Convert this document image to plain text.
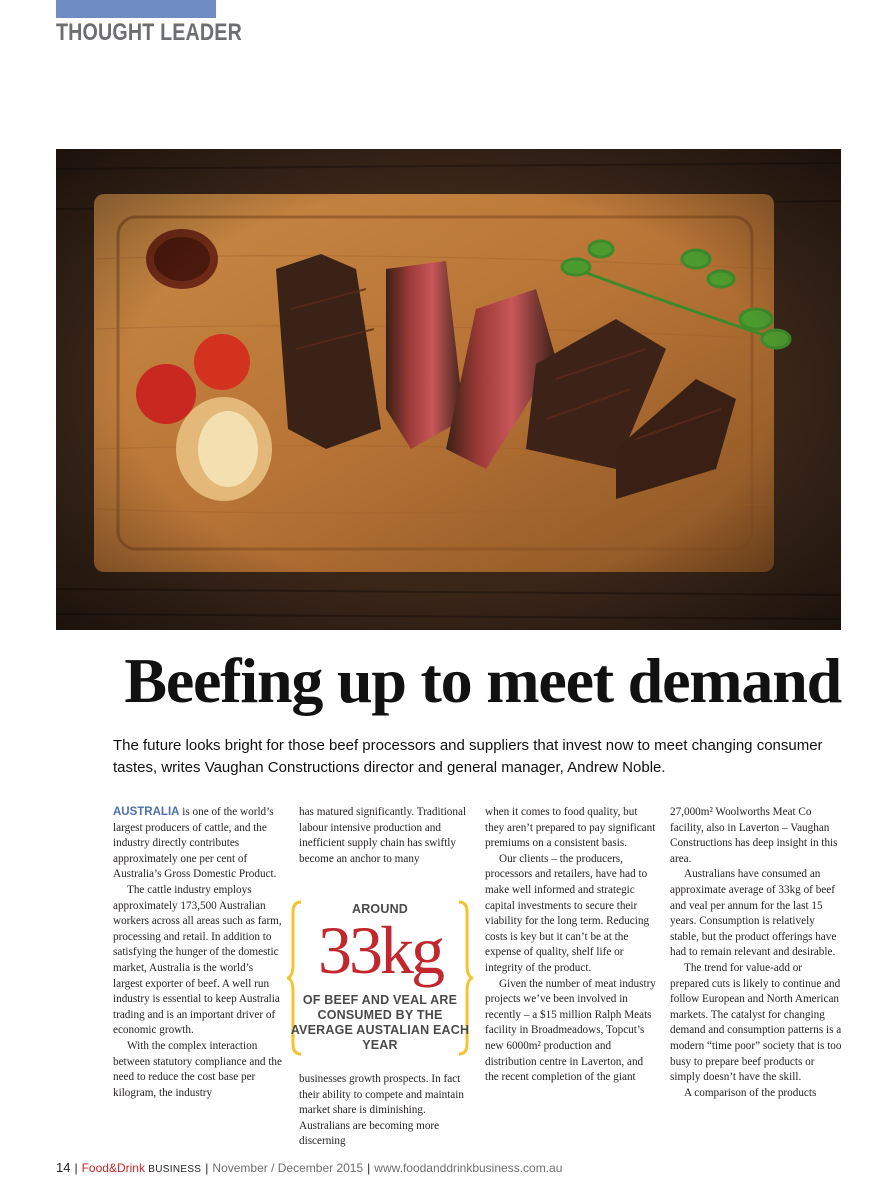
THOUGHT LEADER
Beefing up to meet demand

The future looks bright for those beef processors and suppliers that invest now to meet changing consumer tastes, writes Vaughan Constructions director and general manager, Andrew Noble.

AUSTRALIA is one of the world’s largest producers of cattle, and the industry directly contributes approximately one per cent of Australia’s Gross Domestic Product.

The cattle industry employs approximately 173,500 Australian workers across all areas such as farm, processing and retail. In addition to satisfying the hunger of the domestic market, Australia is the world’s largest exporter of beef. A well run industry is essential to keep Australia trading and is an important driver of economic growth.

With the complex interaction between statutory compliance and the need to reduce the cost base per kilogram, the industry

has matured significantly. Traditional labour intensive production and inefficient supply chain has swiftly become an anchor to many

AROUND
33kg
OF BEEF AND VEAL ARE CONSUMED BY THE AVERAGE AUSTALIAN EACH YEAR

businesses growth prospects. In fact their ability to compete and maintain market share is diminishing. Australians are becoming more discerning

when it comes to food quality, but they aren’t prepared to pay significant premiums on a consistent basis.

Our clients – the producers, processors and retailers, have had to make well informed and strategic capital investments to secure their viability for the long term. Reducing costs is key but it can’t be at the expense of quality, shelf life or integrity of the product.

Given the number of meat industry projects we’ve been involved in recently – a $15 million Ralph Meats facility in Broadmeadows, Topcut’s new 6000m² production and distribution centre in Laverton, and the recent completion of the giant

27,000m² Woolworths Meat Co facility, also in Laverton – Vaughan Constructions has deep insight in this area.

Australians have consumed an approximate average of 33kg of beef and veal per annum for the last 15 years. Consumption is relatively stable, but the product offerings have had to remain relevant and desirable.

The trend for value-add or prepared cuts is likely to continue and follow European and North American markets. The catalyst for changing demand and consumption patterns is a modern “time poor” society that is too busy to prepare beef products or simply doesn’t have the skill.

A comparison of the products

14 | Food&Drink BUSINESS | November / December 2015 | www.foodanddrinkbusiness.com.au
